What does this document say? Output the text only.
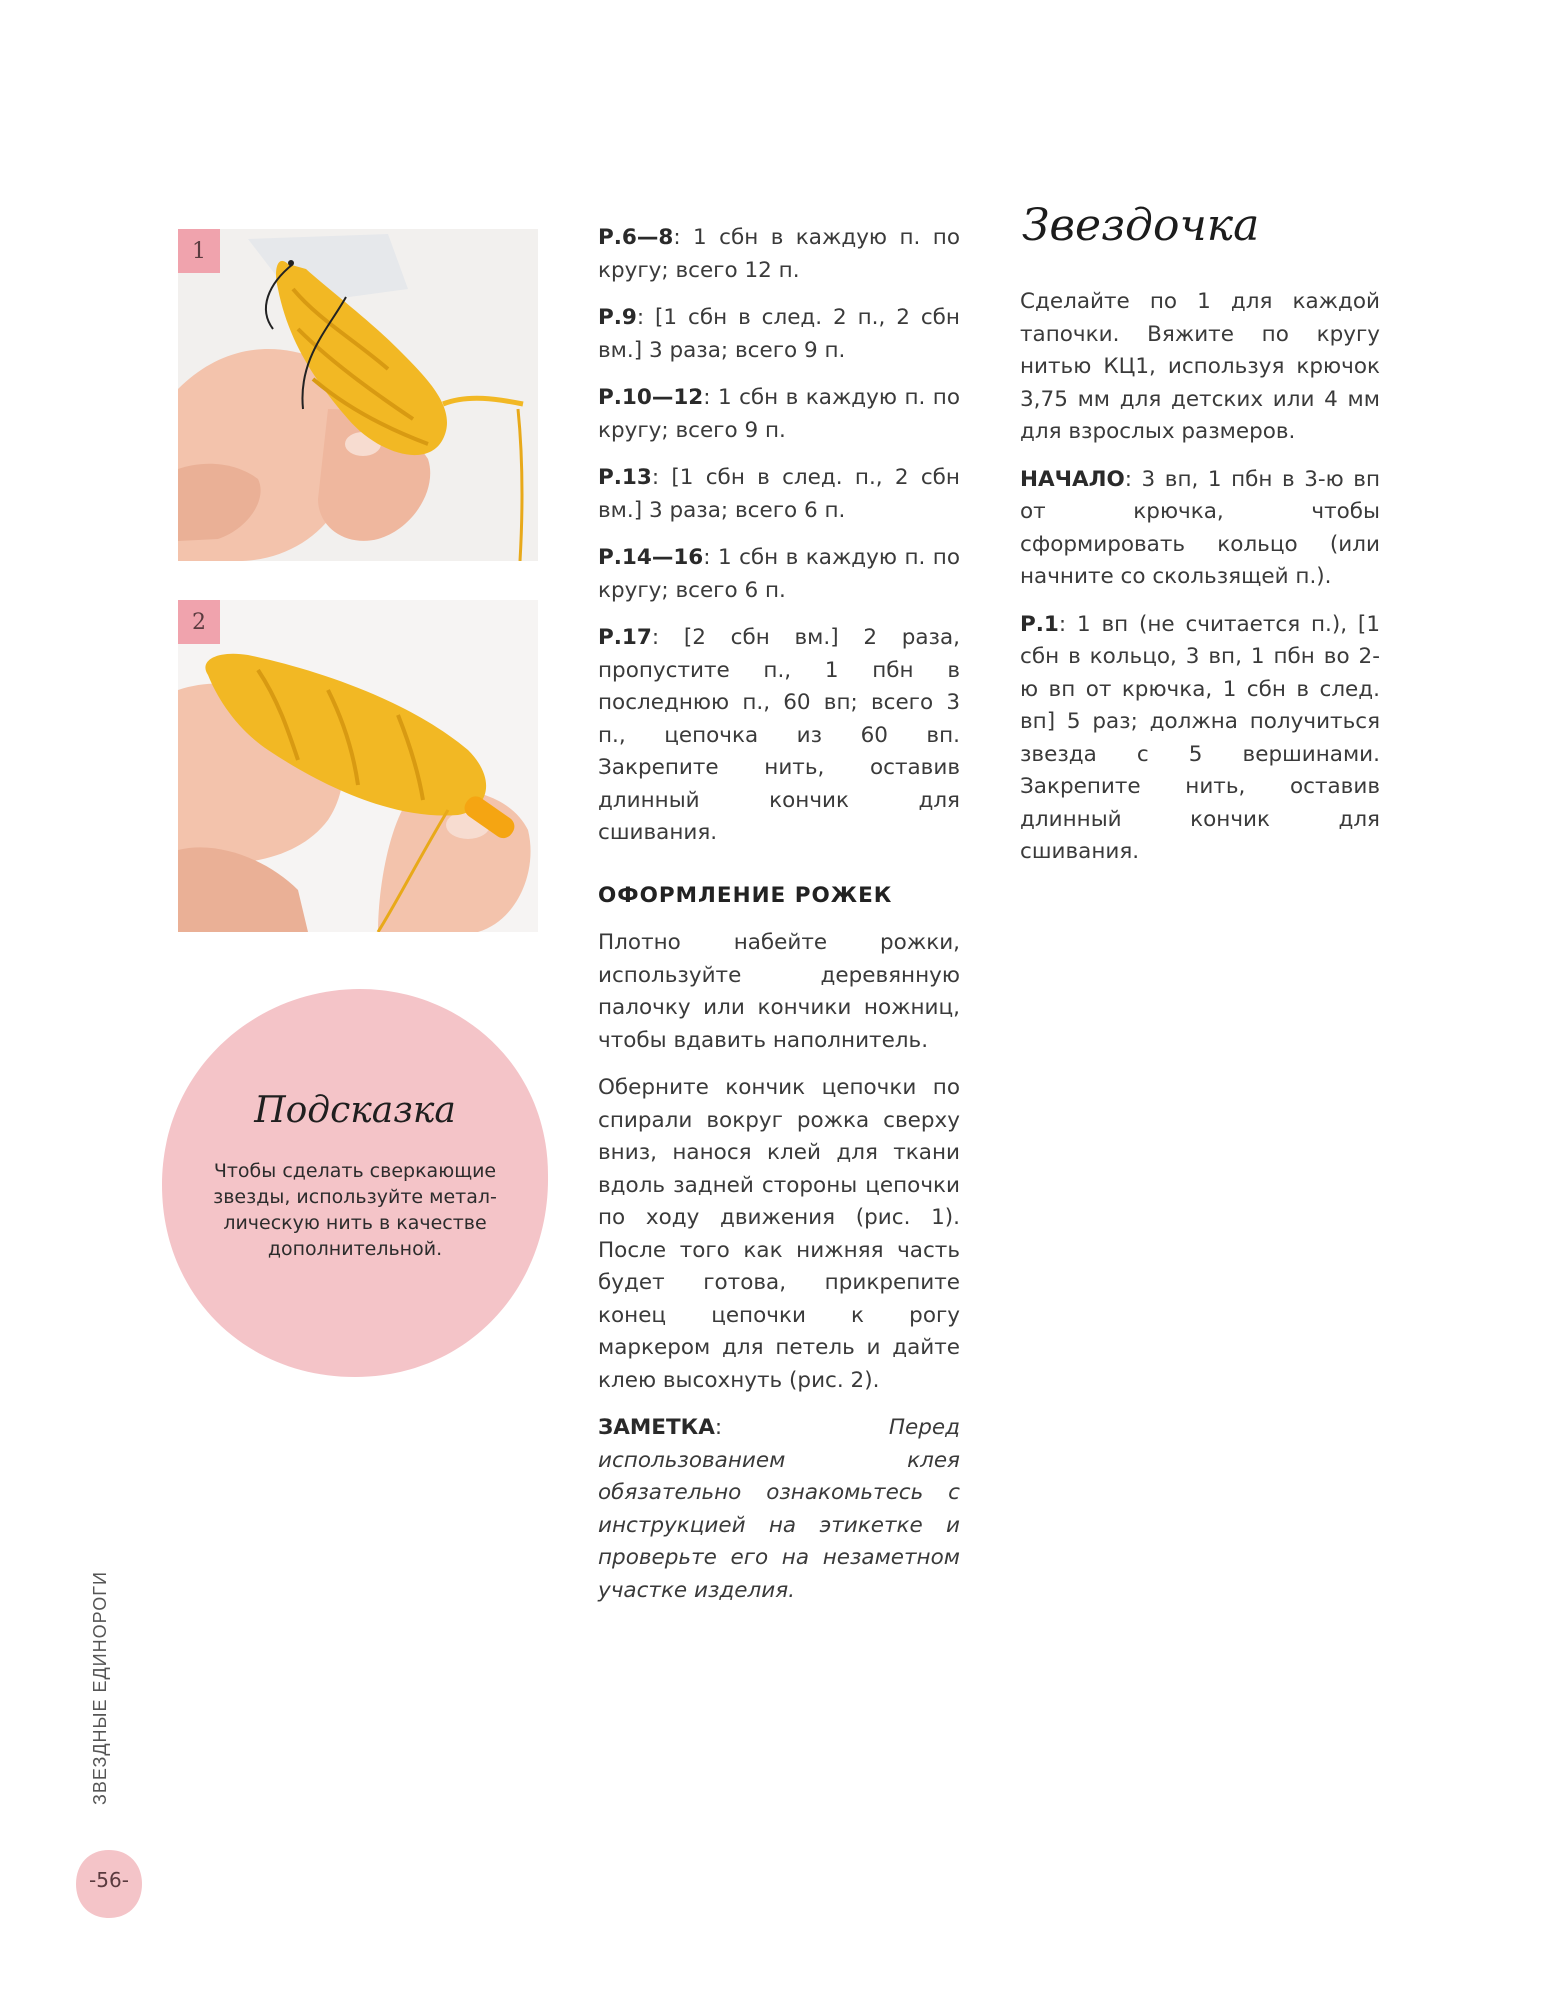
1
2
Подсказка
Чтобы сделать сверкающие звезды, используйте метал-лическую нить в качестве дополнительной.

Р.6—8: 1 сбн в каждую п. по кругу; всего 12 п.

Р.9: [1 сбн в след. 2 п., 2 сбн вм.] 3 раза; всего 9 п.

Р.10—12: 1 сбн в каждую п. по кругу; всего 9 п.

Р.13: [1 сбн в след. п., 2 сбн вм.] 3 раза; всего 6 п.

Р.14—16: 1 сбн в каждую п. по кругу; всего 6 п.

Р.17: [2 сбн вм.] 2 раза, пропустите п., 1 пбн в последнюю п., 60 вп; всего 3 п., цепочка из 60 вп. Закрепите нить, оставив длинный кончик для сшивания.

ОФОРМЛЕНИЕ РОЖЕК

Плотно набейте рожки, используйте деревянную палочку или кончики ножниц, чтобы вдавить наполнитель.

Оберните кончик цепочки по спирали вокруг рожка сверху вниз, нанося клей для ткани вдоль задней стороны цепочки по ходу движения (рис. 1). После того как нижняя часть будет готова, прикрепите конец цепочки к рогу маркером для петель и дайте клею высохнуть (рис. 2).

ЗАМЕТКА: Перед использованием клея обязательно ознакомьтесь с инструкцией на этикетке и проверьте его на незаметном участке изделия.

Звездочка

Сделайте по 1 для каждой тапочки. Вяжите по кругу нитью КЦ1, используя крючок 3,75 мм для детских или 4 мм для взрослых размеров.

НАЧАЛО: 3 вп, 1 пбн в 3-ю вп от крючка, чтобы сформировать кольцо (или начните со скользящей п.).

Р.1: 1 вп (не считается п.), [1 сбн в кольцо, 3 вп, 1 пбн во 2-ю вп от крючка, 1 сбн в след. вп] 5 раз; должна получиться звезда с 5 вершинами. Закрепите нить, оставив длинный кончик для сшивания.

ЗВЕЗДНЫЕ ЕДИНОРОГИ
-56-
